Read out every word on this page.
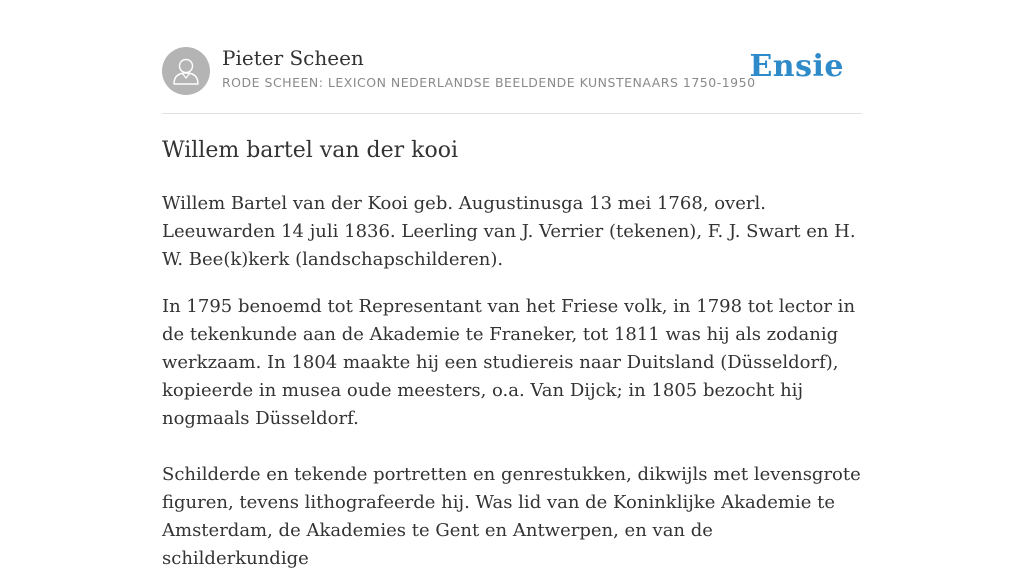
Pieter Scheen
RODE SCHEEN: LEXICON NEDERLANDSE BEELDENDE KUNSTENAARS 1750-1950
Ensie
Willem bartel van der kooi

Willem Bartel van der Kooi geb. Augustinusga 13 mei 1768, overl. Leeuwarden 14 juli 1836. Leerling van J. Verrier (tekenen), F. J. Swart en H. W. Bee(k)kerk (landschapschilderen).

In 1795 benoemd tot Representant van het Friese volk, in 1798 tot lector in de tekenkunde aan de Akademie te Franeker, tot 1811 was hij als zodanig werkzaam. In 1804 maakte hij een studiereis naar Duitsland (Düsseldorf), kopieerde in musea oude meesters, o.a. Van Dijck; in 1805 bezocht hij nogmaals Düsseldorf.

Schilderde en tekende portretten en genrestukken, dikwijls met levensgrote figuren, tevens lithografeerde hij. Was lid van de Koninklijke Akademie te Amsterdam, de Akademies te Gent en Antwerpen, en van de schilderkundige
